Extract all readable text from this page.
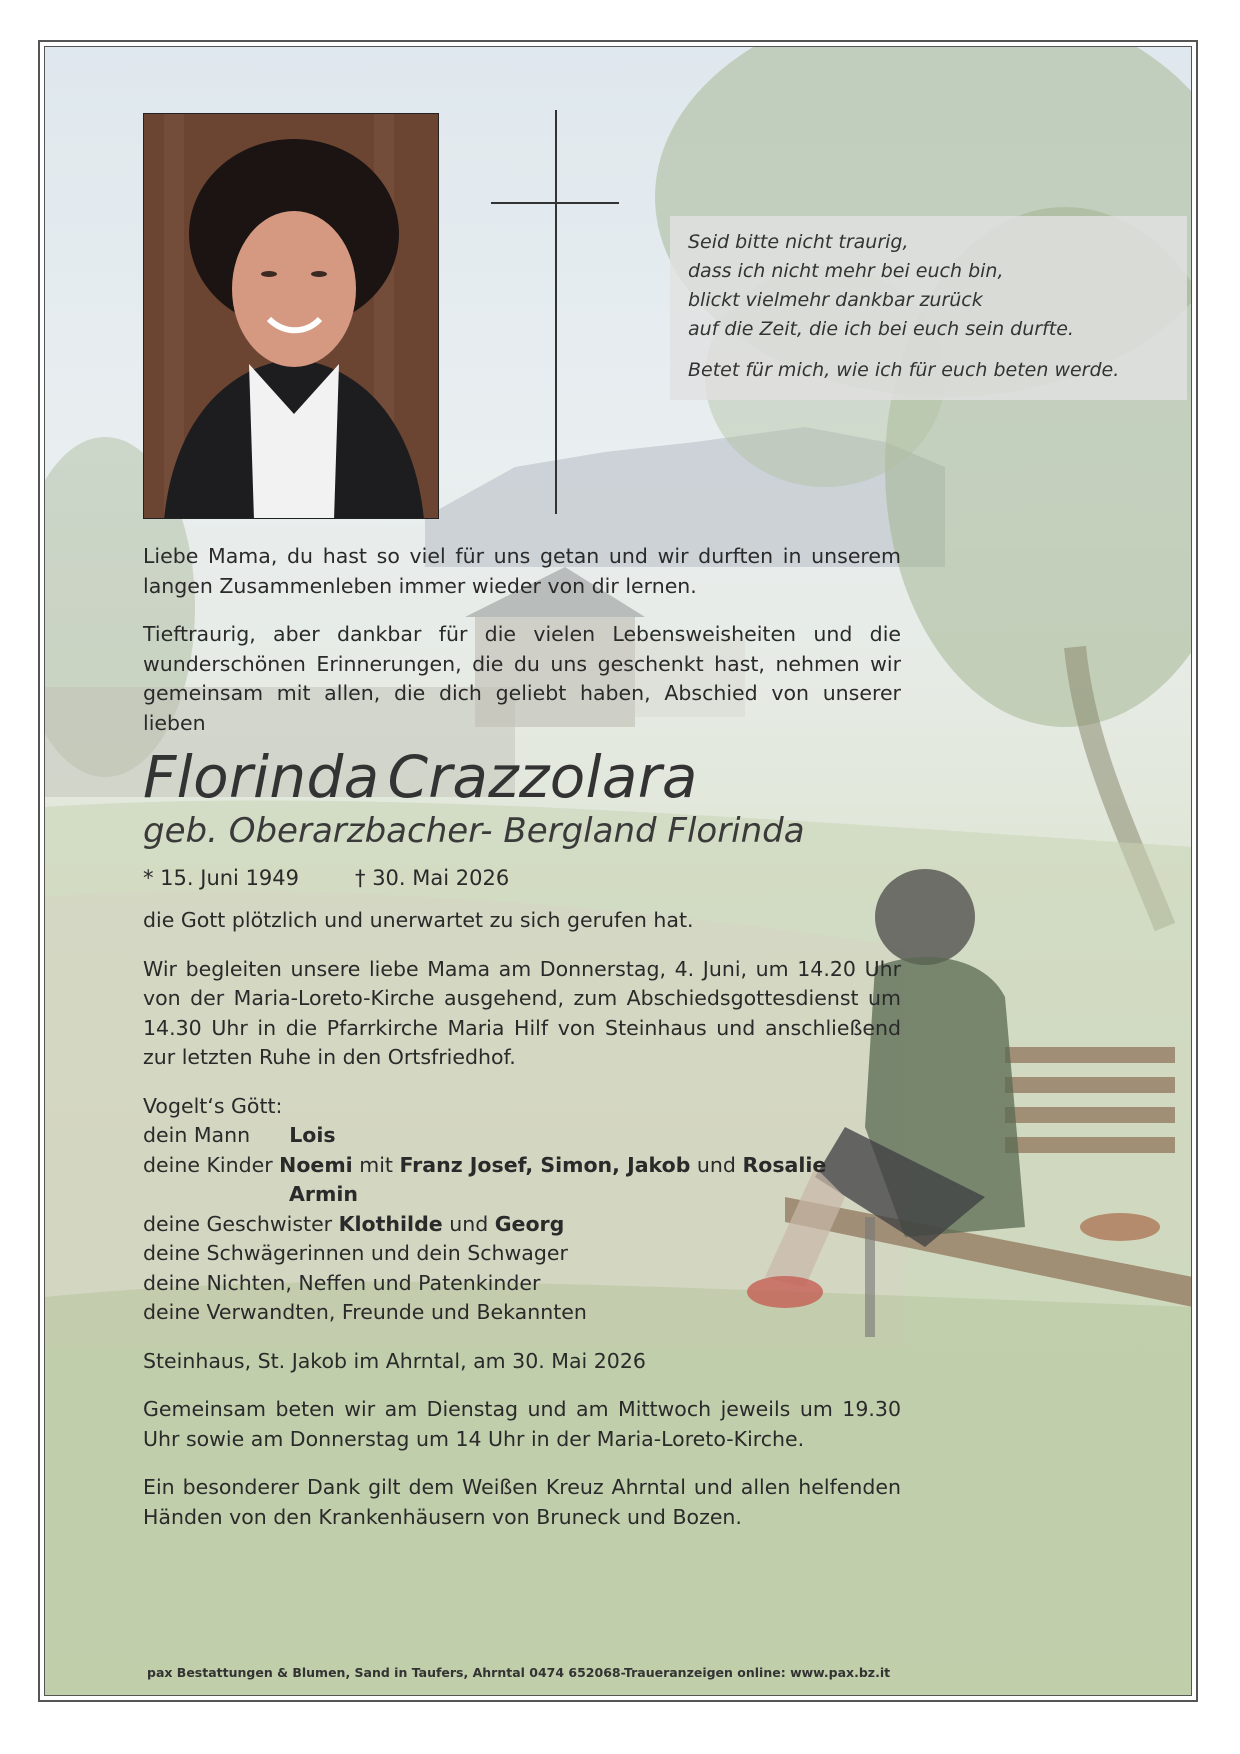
Seid bitte nicht traurig,

dass ich nicht mehr bei euch bin,

blickt vielmehr dankbar zurück

auf die Zeit, die ich bei euch sein durfte.

Betet für mich, wie ich für euch beten werde.

Liebe Mama, du hast so viel für uns getan und wir durften in unserem langen Zusammenleben immer wieder von dir lernen.

Tieftraurig, aber dankbar für die vielen Lebensweisheiten und die wunderschönen Erinnerungen, die du uns geschenkt hast, nehmen wir gemeinsam mit allen, die dich geliebt haben, Abschied von unserer lieben

Florinda Crazzolara
geb. Oberarzbacher- Bergland Florinda
* 15. Juni 1949	† 30. Mai 2026

die Gott plötzlich und unerwartet zu sich gerufen hat.

Wir begleiten unsere liebe Mama am Donnerstag, 4. Juni, um 14.20 Uhr von der Maria-Loreto-Kirche ausgehend, zum Abschiedsgottesdienst um 14.30 Uhr in die Pfarrkirche Maria Hilf von Steinhaus und anschließend zur letzten Ruhe in den Ortsfriedhof.

Vogelt‘s Gött:
dein Mann Lois
deine Kinder Noemi mit Franz Josef, Simon, Jakob und Rosalie
Armin
deine Geschwister Klothilde und Georg
deine Schwägerinnen und dein Schwager
deine Nichten, Neffen und Patenkinder
deine Verwandten, Freunde und Bekannten

Steinhaus, St. Jakob im Ahrntal, am 30. Mai 2026

Gemeinsam beten wir am Dienstag und am Mittwoch jeweils um 19.30 Uhr sowie am Donnerstag um 14 Uhr in der Maria-Loreto-Kirche.

Ein besonderer Dank gilt dem Weißen Kreuz Ahrntal und allen helfenden Händen von den Krankenhäusern von Bruneck und Bozen.

pax Bestattungen & Blumen, Sand in Taufers, Ahrntal 0474 652068-Traueranzeigen online: www.pax.bz.it
